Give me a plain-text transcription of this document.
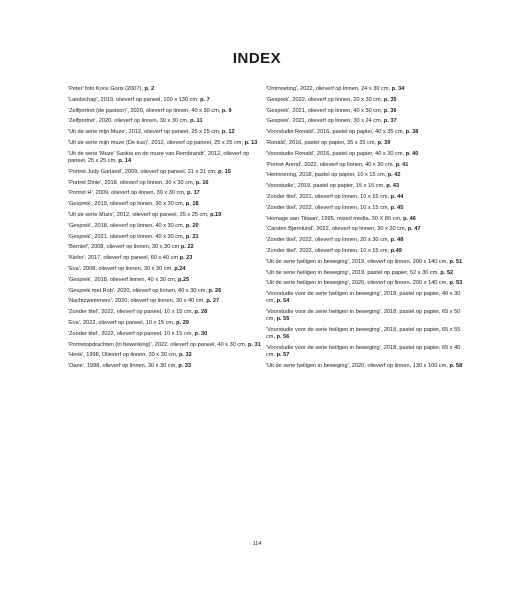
INDEX

'Peter' foto Koos Goris (2007), p. 2

'Landschap', 2019, olieverf op paneel, 100 x 130 cm, p. 7

'Zelfportret (de pastoor)', 2020, olieverf op linnen, 40 x 30 cm, p. 9

'Zelfportret', 2020, olieverf op linnen, 30 x 30 cm, p. 11

'Uit de serie mijn Muze', 2012, olieverf op paneel, 25 x 25 cm, p. 12

'Uit de serie mijn muze (De kus)', 2012, olieverf op paneel, 25 x 25 cm, p. 13

'Uit de serie 'Muze' Saskia en de muze van Rembrandt', 2012, olieverf op paneel, 25 x 25 cm, p. 14

'Portret Judy Garland', 2009, olieverf op paneel, 31 x 31 cm, p. 15

'Portret Dinie', 2018, olieverf op linnen, 30 x 30 cm, p. 16

'Portret H', 2009, olieverf op linnen, 30 x 30 cm, p. 17

'Gesprek', 2019, olieverf op linnen, 30 x 30 cm, p. 18

'Uit de serie Muze', 2012, olieverf op paneel, 25 x 25 cm, p.19

'Gesprek', 2018, olieverf op linnen, 40 x 30 cm, p. 20

'Gesprek', 2021, olieverf op linnen, 40 x 30 cm, p. 21

'Bernlef', 2008, olieverf op linnen, 30 x 30 cm p. 22

'Kiefer', 2017, olieverf op paneel, 60 x 40 cm p. 23

'Eva', 2008, olieverf op linnen, 30 x 30 cm, p.24

'Gesprek', 2018, olieverf linnen, 40 x 30 cm, p.25

'Gesprek met Rob', 2020, olieverf op linnen, 40 x 30 cm, p. 26

'Nachtzwemmers', 2020, olieverf op linnen, 30 x 40 cm, p. 27

'Zonder titel', 2022, olieverf op paneel, 10 x 15 cm, p. 28

'Eva', 2022, olieverf op paneel, 10 x 15 cm, p. 29

'Zonder titel', 2022, olieverf op paneel, 10 x 15 cm, p. 30

'Portretopdrachten (in bewerking)', 2022, olieverf op paneel, 40 x 30 cm, p. 31

'Henk', 1998, Olieverf op linnen, 30 x 30 cm, p. 32

'Oane', 1998, olieverf op linnen, 30 x 30 cm, p. 33

'Ontmoeting', 2022, olieverf op linnen, 24 x 30 cm, p. 34

'Gesprek', 2022, olieverf op linnen, 20 x 30 cm, p. 35

'Gesprek', 2021, olieverf op linnen, 40 x 30 cm, p. 36

'Gesprek', 2021, olieverf op linnen, 30 x 24 cm, p. 37

'Voorstudie Ronald', 2016, pastel op papier, 40 x 35 cm, p. 38

'Ronald', 2016, pastel op papier, 35 x 35 cm, p. 39

'Voorstudie Ronald', 2016, pastel op papier, 40 x 30 cm, p. 40

'Portret Arend', 2022, olieverf op linnen, 40 x 30 cm, p. 41

'Herinnering, 2018, pastel op papier, 10 x 15 cm, p. 42

'Voorstudie', 2019, pastel op papier, 15 x 15 cm, p. 43

'Zonder titel', 2021, olieverf op linnen, 10 x 15 cm, p. 44

'Zonder titel', 2022, olieverf op linnen, 10 x 15 cm, p. 45

'Homage aan Titiaan', 1995, mixed media, 30 X 80 cm, p. 46

'Carsten Bjørnlund', 2022, olieverf op linnen, 30 x 20 cm, p. 47

'Zonder titel', 2022, olieverf op linnen, 20 x 30 cm, p. 48

'Zonder titel', 2022, olieverf op linnen, 10 x 15 cm, p.49

'Uit de serie heiligen in beweging', 2019, olieverf op linnen, 200 x 140 cm, p. 51

'Uit de serie heiligen in beweging', 2019, pastel op papier, 52 x 30 cm, p. 52

'Uit de serie heiligen in beweging', 2020, olieverf op linnen, 200 x 140 cm, p. 53

'Voorstudie voor de serie heiligen in beweging', 2018, pastel op papier, 40 x 30 cm, p. 54

'Voorstudie voor de serie heiligen in beweging', 2018, pastel op papier, 65 x 50 cm, p. 55

'Voorstudie voor de serie heiligen in beweging', 2018, pastel op papier, 65 x 55 cm, p. 56

'Voorstudie voor de serie heiligen in beweging', 2018, pastel op papier, 65 x 40 cm, p. 57

'Uit de serie heiligen in beweging', 2020, olieverf op linnen, 130 x 100 cm, p. 58

114
